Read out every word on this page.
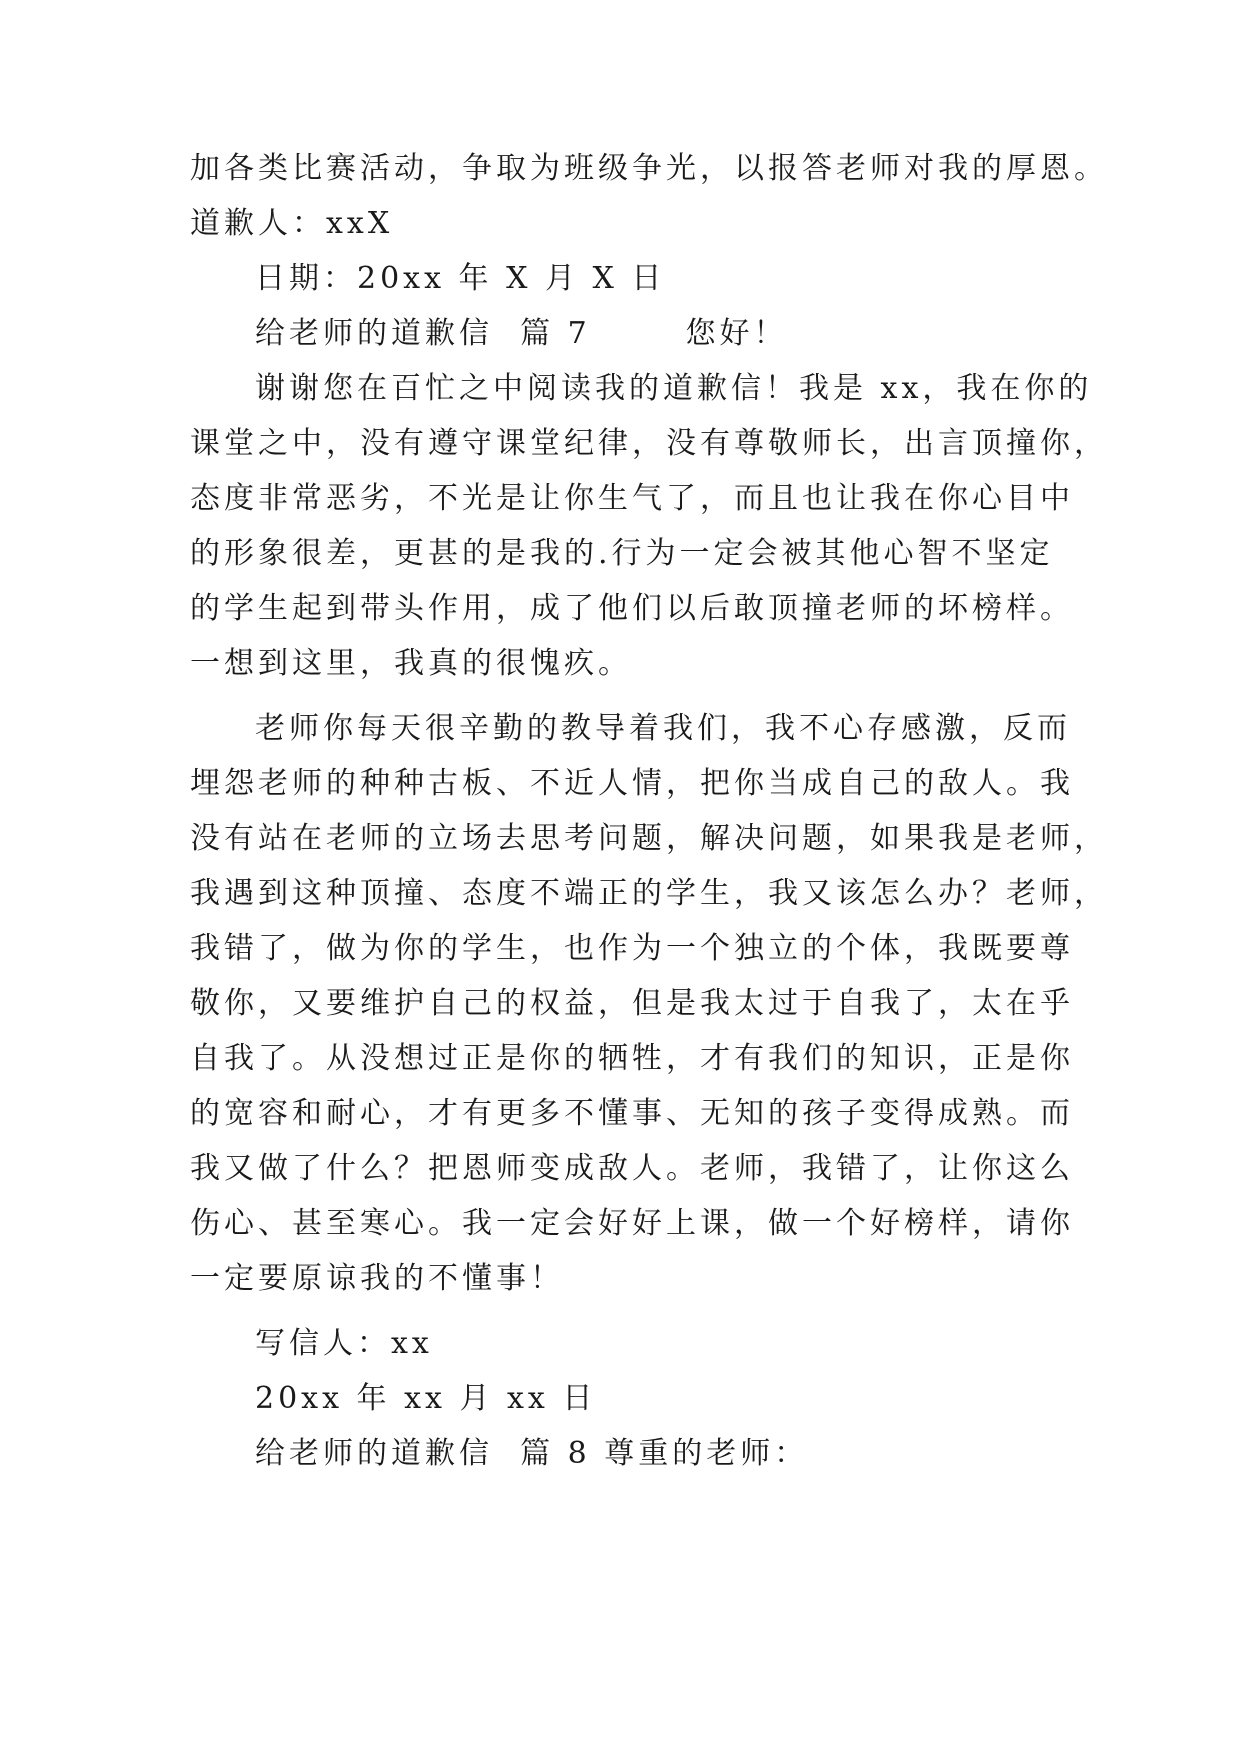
加各类比赛活动，争取为班级争光，以报答老师对我的厚恩。
道歉人：xxX
日期：20xx 年 X 月 X 日
给老师的道歉信  篇 7       您好！
谢谢您在百忙之中阅读我的道歉信！我是 xx，我在你的
课堂之中，没有遵守课堂纪律，没有尊敬师长，出言顶撞你，
态度非常恶劣，不光是让你生气了，而且也让我在你心目中
的形象很差，更甚的是我的.行为一定会被其他心智不坚定
的学生起到带头作用，成了他们以后敢顶撞老师的坏榜样。
一想到这里，我真的很愧疚。
老师你每天很辛勤的教导着我们，我不心存感激，反而
埋怨老师的种种古板、不近人情，把你当成自己的敌人。我
没有站在老师的立场去思考问题，解决问题，如果我是老师，
我遇到这种顶撞、态度不端正的学生，我又该怎么办？老师，
我错了，做为你的学生，也作为一个独立的个体，我既要尊
敬你，又要维护自己的权益，但是我太过于自我了，太在乎
自我了。从没想过正是你的牺牲，才有我们的知识，正是你
的宽容和耐心，才有更多不懂事、无知的孩子变得成熟。而
我又做了什么？把恩师变成敌人。老师，我错了，让你这么
伤心、甚至寒心。我一定会好好上课，做一个好榜样，请你
一定要原谅我的不懂事！
写信人：xx
20xx 年 xx 月 xx 日
给老师的道歉信  篇 8 尊重的老师：
